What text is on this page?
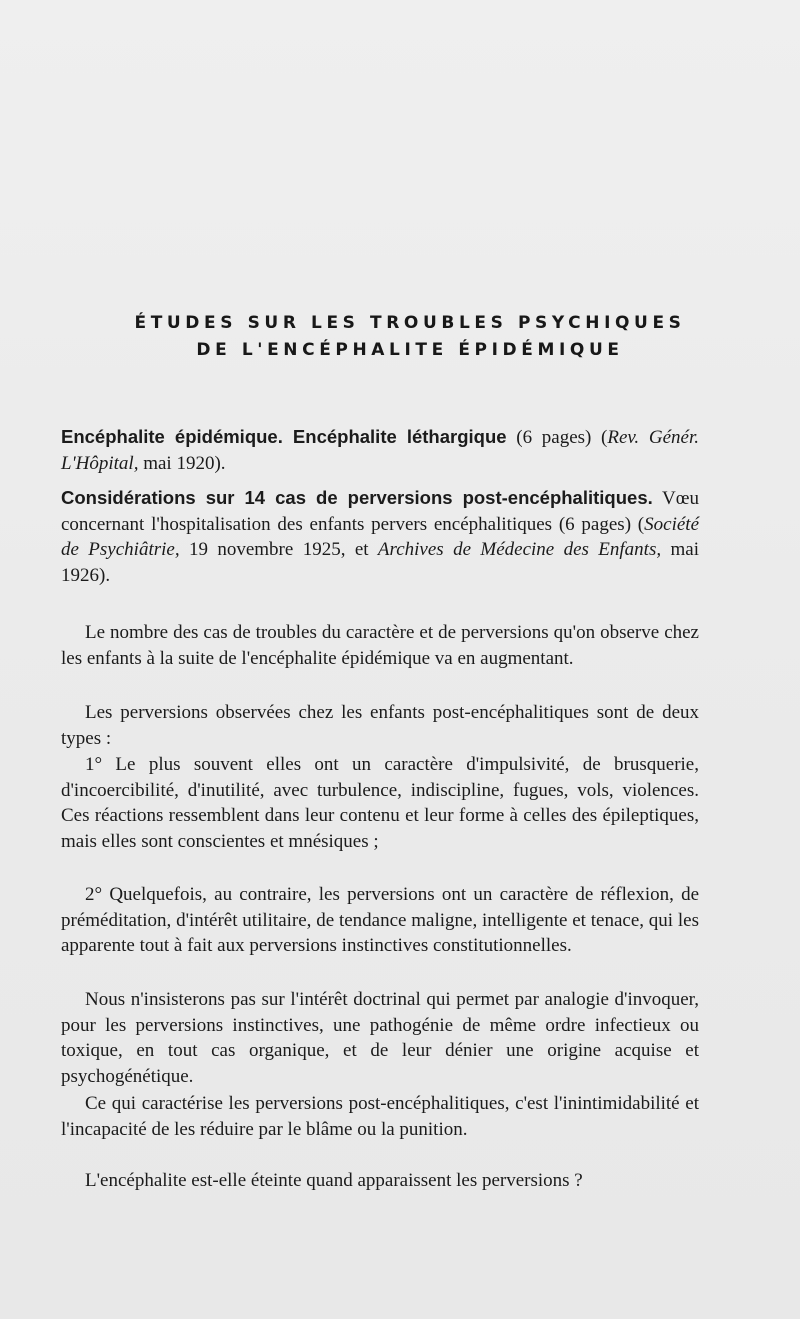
ÉTUDES SUR LES TROUBLES PSYCHIQUES
DE L'ENCÉPHALITE ÉPIDÉMIQUE
Encéphalite épidémique. Encéphalite léthargique (6 pages) (Rev. Génér. L'Hôpital, mai 1920).
Considérations sur 14 cas de perversions post-encéphalitiques. Vœu concernant l'hospitalisation des enfants pervers encéphalitiques (6 pages) (Société de Psychiâtrie, 19 novembre 1925, et Archives de Médecine des Enfants, mai 1926).
Le nombre des cas de troubles du caractère et de perversions qu'on observe chez les enfants à la suite de l'encéphalite épidémique va en augmentant.
Les perversions observées chez les enfants post-encéphalitiques sont de deux types :
1° Le plus souvent elles ont un caractère d'impulsivité, de brusquerie, d'incoercibilité, d'inutilité, avec turbulence, indiscipline, fugues, vols, violences. Ces réactions ressemblent dans leur contenu et leur forme à celles des épileptiques, mais elles sont conscientes et mnésiques ;
2° Quelquefois, au contraire, les perversions ont un caractère de réflexion, de préméditation, d'intérêt utilitaire, de tendance maligne, intelligente et tenace, qui les apparente tout à fait aux perversions instinctives constitutionnelles.
Nous n'insisterons pas sur l'intérêt doctrinal qui permet par analogie d'invoquer, pour les perversions instinctives, une pathogénie de même ordre infectieux ou toxique, en tout cas organique, et de leur dénier une origine acquise et psychogénétique.
Ce qui caractérise les perversions post-encéphalitiques, c'est l'inintimidabilité et l'incapacité de les réduire par le blâme ou la punition.
L'encéphalite est-elle éteinte quand apparaissent les perversions ?
